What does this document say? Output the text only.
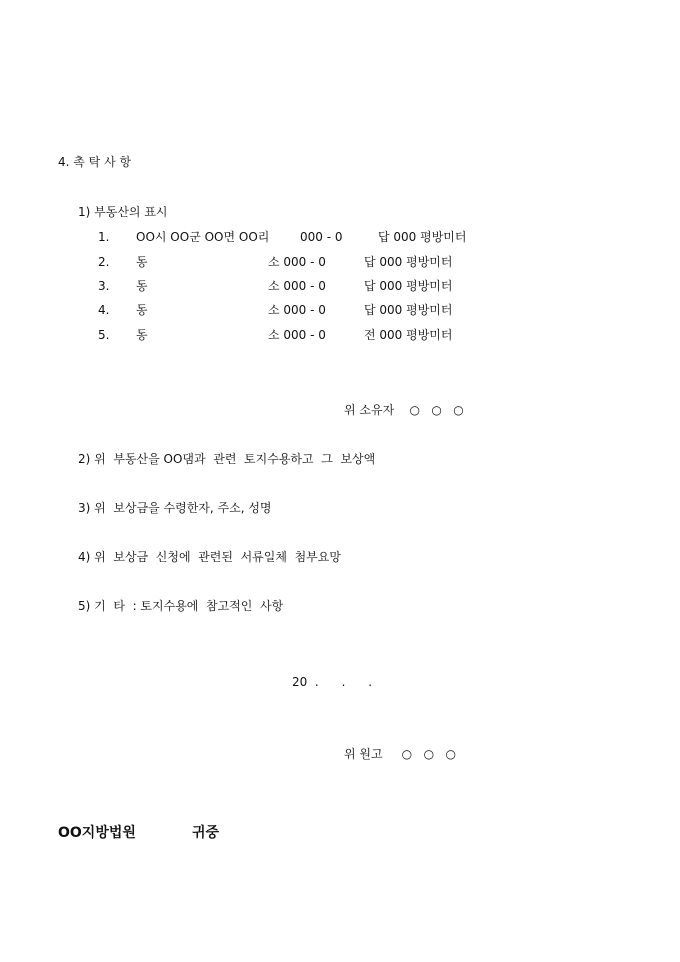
4. 촉 탁 사 항
1) 부동산의 표시
1. OO시 OO군 OO면 OO리	000 - 0	답 000 평방미터
2. 동	소 000 - 0	답 000 평방미터
3. 동	소 000 - 0	답 000 평방미터
4. 동	소 000 - 0	답 000 평방미터
5. 동	소 000 - 0	전 000 평방미터
위 소유자    ○   ○   ○
2) 위  부동산을 OO댐과  관련  토지수용하고  그  보상액
3) 위  보상금을 수령한자, 주소, 성명
4) 위  보상금  신청에  관련된  서류일체  첨부요망
5) 기  타  : 토지수용에  참고적인  사항
20  .      .      .
위 원고     ○   ○   ○
OO지방법원	귀중
